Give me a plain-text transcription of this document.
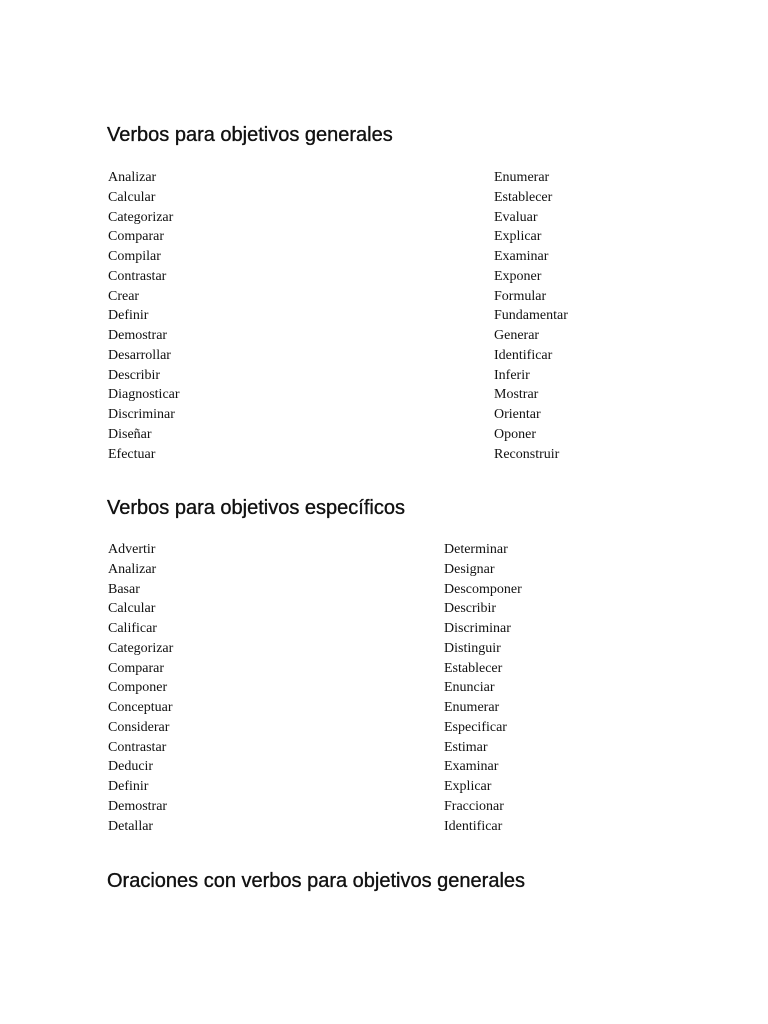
Verbos para objetivos generales
Analizar
Calcular
Categorizar
Comparar
Compilar
Contrastar
Crear
Definir
Demostrar
Desarrollar
Describir
Diagnosticar
Discriminar
Diseñar
Efectuar
Enumerar
Establecer
Evaluar
Explicar
Examinar
Exponer
Formular
Fundamentar
Generar
Identificar
Inferir
Mostrar
Orientar
Oponer
Reconstruir
Verbos para objetivos específicos
Advertir
Analizar
Basar
Calcular
Calificar
Categorizar
Comparar
Componer
Conceptuar
Considerar
Contrastar
Deducir
Definir
Demostrar
Detallar
Determinar
Designar
Descomponer
Describir
Discriminar
Distinguir
Establecer
Enunciar
Enumerar
Especificar
Estimar
Examinar
Explicar
Fraccionar
Identificar
Oraciones con verbos para objetivos generales
